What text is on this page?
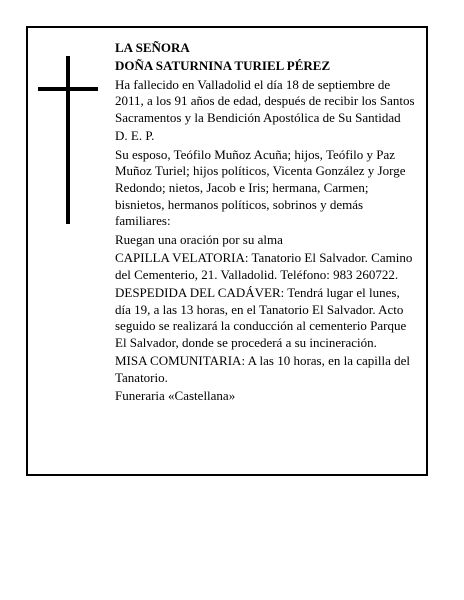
LA SEÑORA

DOÑA SATURNINA TURIEL PÉREZ

Ha fallecido en Valladolid el día 18 de septiembre de 2011, a los 91 años de edad, después de recibir los Santos Sacramentos y la Bendición Apostólica de Su Santidad

D. E. P.

Su esposo, Teófilo Muñoz Acuña; hijos, Teófilo y Paz Muñoz Turiel; hijos políticos, Vicenta González y Jorge Redondo; nietos, Jacob e Iris; hermana, Carmen; bisnietos, hermanos políticos, sobrinos y demás familiares:

Ruegan una oración por su alma

CAPILLA VELATORIA: Tanatorio El Salvador. Camino del Cementerio, 21. Valladolid. Teléfono: 983 260722.

DESPEDIDA DEL CADÁVER: Tendrá lugar el lunes, día 19, a las 13 horas, en el Tanatorio El Salvador. Acto seguido se realizará la conducción al cementerio Parque El Salvador, donde se procederá a su incineración.

MISA COMUNITARIA: A las 10 horas, en la capilla del Tanatorio.

Funeraria «Castellana»
